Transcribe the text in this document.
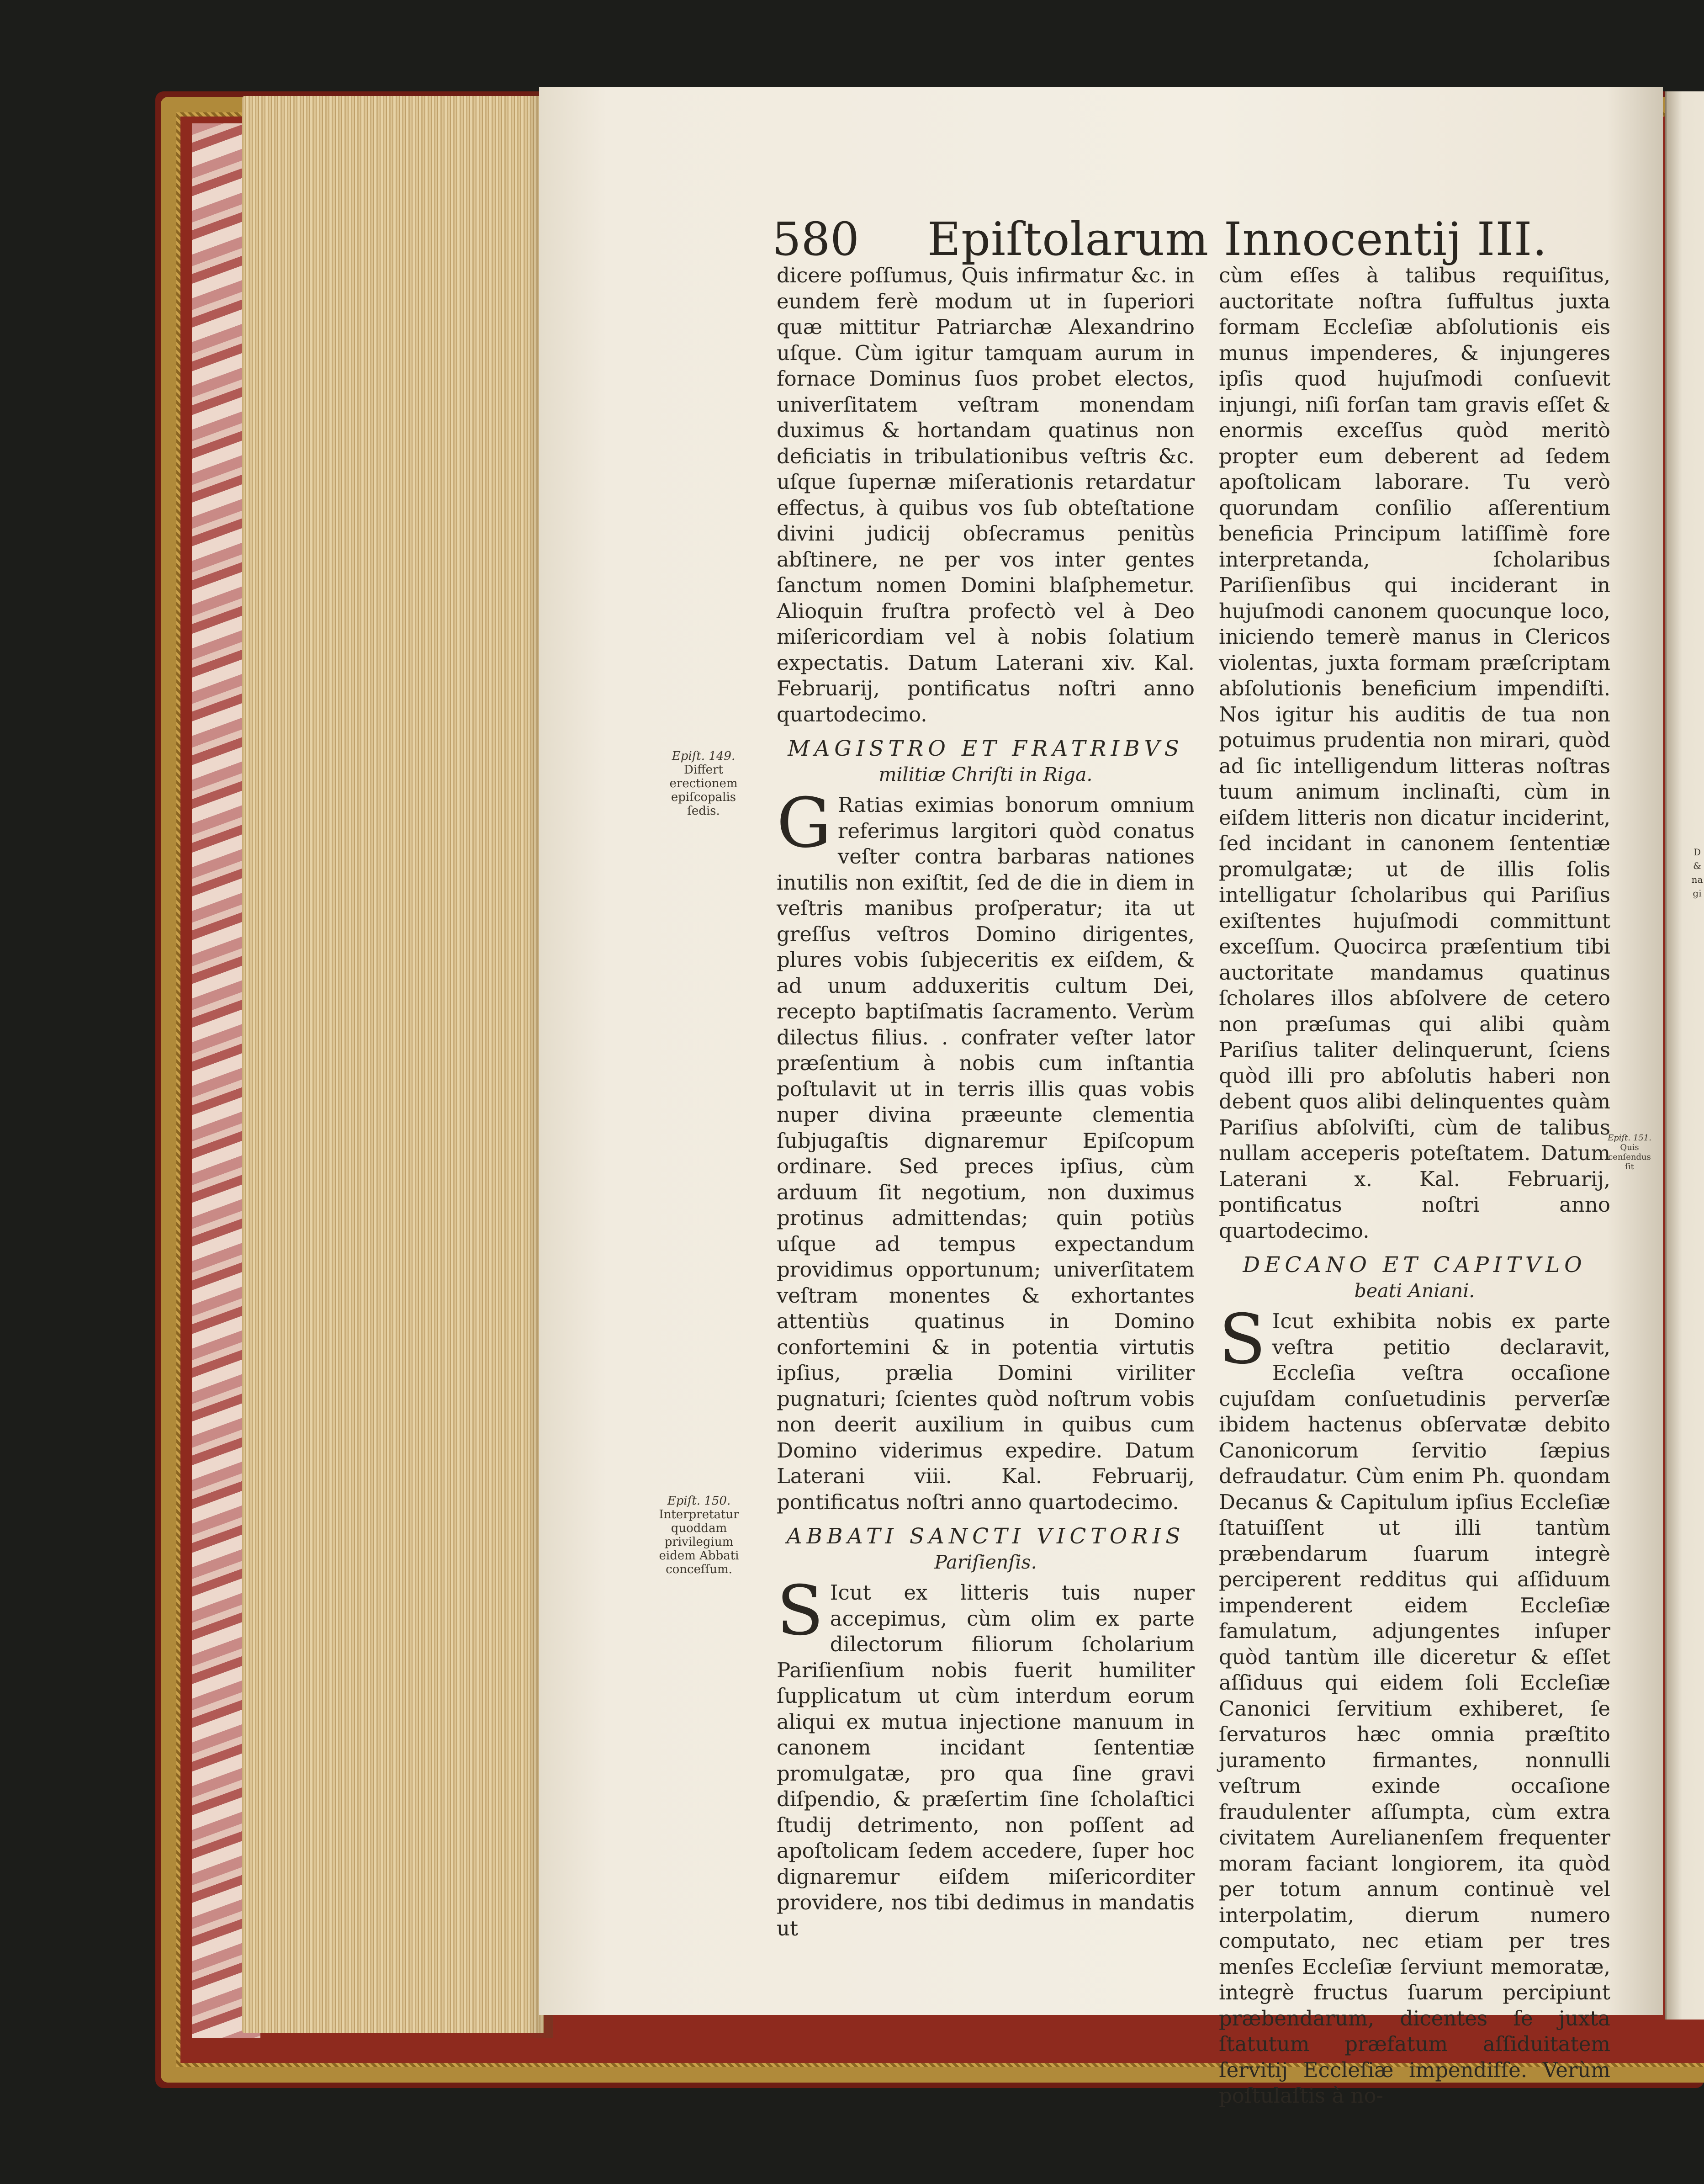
580 Epiſtolarum Innocentij III.

dicere poſſumus, Quis infirmatur &c. in eundem ferè modum ut in ſuperiori quæ mittitur Patriarchæ Alexandrino uſque. Cùm igitur tamquam aurum in fornace Dominus ſuos probet electos, univerſitatem veſtram monendam duximus & hortandam quatinus non deficiatis in tribulationibus veſtris &c. uſque ſupernæ miſerationis retardatur effectus, à quibus vos ſub obteſtatione divini judicij obſecramus penitùs abſtinere, ne per vos inter gentes ſanctum nomen Domini blaſphemetur. Alioquin fruſtra profectò vel à Deo miſericordiam vel à nobis ſolatium expectatis. Datum Laterani xiv. Kal. Februarij, pontificatus noſtri anno quartodecimo.

MAGISTRO ET FRATRIBVS
militiæ Chriſti in Riga.

G Ratias eximias bonorum omnium referimus largitori quòd conatus veſter contra barbaras nationes inutilis non exiſtit, ſed de die in diem in veſtris manibus proſperatur; ita ut greſſus veſtros Domino dirigentes, plures vobis ſubjeceritis ex eiſdem, & ad unum adduxeritis cultum Dei, recepto baptiſmatis ſacramento. Verùm dilectus filius. . confrater veſter lator præſentium à nobis cum inſtantia poſtulavit ut in terris illis quas vobis nuper divina præeunte clementia ſubjugaſtis dignaremur Epiſcopum ordinare. Sed preces ipſius, cùm arduum ſit negotium, non duximus protinus admittendas; quin potiùs uſque ad tempus expectandum providimus opportunum; univerſitatem veſtram monentes & exhortantes attentiùs quatinus in Domino confortemini & in potentia virtutis ipſius, prælia Domini viriliter pugnaturi; ſcientes quòd noſtrum vobis non deerit auxilium in quibus cum Domino viderimus expedire. Datum Laterani viii. Kal. Februarij, pontificatus noſtri anno quartodecimo.

ABBATI SANCTI VICTORIS
Pariſienſis.

S Icut ex litteris tuis nuper accepimus, cùm olim ex parte dilectorum filiorum ſcholarium Pariſienſium nobis fuerit humiliter ſupplicatum ut cùm interdum eorum aliqui ex mutua injectione manuum in canonem incidant ſententiæ promulgatæ, pro qua ſine gravi diſpendio, & præſertim ſine ſcholaſtici ſtudij detrimento, non poſſent ad apoſtolicam ſedem accedere, ſuper hoc dignaremur eiſdem miſericorditer providere, nos tibi dedimus in mandatis ut

cùm eſſes à talibus requiſitus, auctoritate noſtra ſuffultus juxta formam Eccleſiæ abſolutionis eis munus impenderes, & injungeres ipſis quod hujuſmodi conſuevit injungi, niſi forſan tam gravis eſſet & enormis exceſſus quòd meritò propter eum deberent ad ſedem apoſtolicam laborare. Tu verò quorundam conſilio aſſerentium beneficia Principum latiſſimè fore interpretanda, ſcholaribus Pariſienſibus qui inciderant in hujuſmodi canonem quocunque loco, iniciendo temerè manus in Clericos violentas, juxta formam præſcriptam abſolutionis beneficium impendiſti. Nos igitur his auditis de tua non potuimus prudentia non mirari, quòd ad ſic intelligendum litteras noſtras tuum animum inclinaſti, cùm in eiſdem litteris non dicatur inciderint, ſed incidant in canonem ſententiæ promulgatæ; ut de illis ſolis intelligatur ſcholaribus qui Pariſius exiſtentes hujuſmodi committunt exceſſum. Quocirca præſentium tibi auctoritate mandamus quatinus ſcholares illos abſolvere de cetero non præſumas qui alibi quàm Pariſius taliter delinquerunt, ſciens quòd illi pro abſolutis haberi non debent quos alibi delinquentes quàm Pariſius abſolviſti, cùm de talibus nullam acceperis poteſtatem. Datum Laterani x. Kal. Februarij, pontificatus noſtri anno quartodecimo.

DECANO ET CAPITVLO
beati Aniani.

S Icut exhibita nobis ex parte veſtra petitio declaravit, Eccleſia veſtra occaſione cujuſdam conſuetudinis perverſæ ibidem hactenus obſervatæ debito Canonicorum ſervitio ſæpius defraudatur. Cùm enim Ph. quondam Decanus & Capitulum ipſius Eccleſiæ ſtatuiſſent ut illi tantùm præbendarum ſuarum integrè perciperent redditus qui aſſiduum impenderent eidem Eccleſiæ famulatum, adjungentes inſuper quòd tantùm ille diceretur & eſſet aſſiduus qui eidem ſoli Eccleſiæ Canonici ſervitium exhiberet, ſe ſervaturos hæc omnia præſtito juramento firmantes, nonnulli veſtrum exinde occaſione fraudulenter aſſumpta, cùm extra civitatem Aurelianenſem frequenter moram faciant longiorem, ita quòd per totum annum continuè vel interpolatim, dierum numero computato, nec etiam per tres menſes Eccleſiæ ſerviunt memoratæ, integrè fructus ſuarum percipiunt præbendarum, dicentes ſe juxta ſtatutum præfatum aſſiduitatem ſervitij Eccleſiæ impendiſſe. Verùm poſtulaſtis à no-

Epiſt. 149.
Differt erectionem epiſcopalis ſedis.
Epiſt. 150.
Interpretatur quoddam privilegium eidem Abbati conceſſum.
Epiſt. 151.
Quis cenſendus ſit
D & na gi
